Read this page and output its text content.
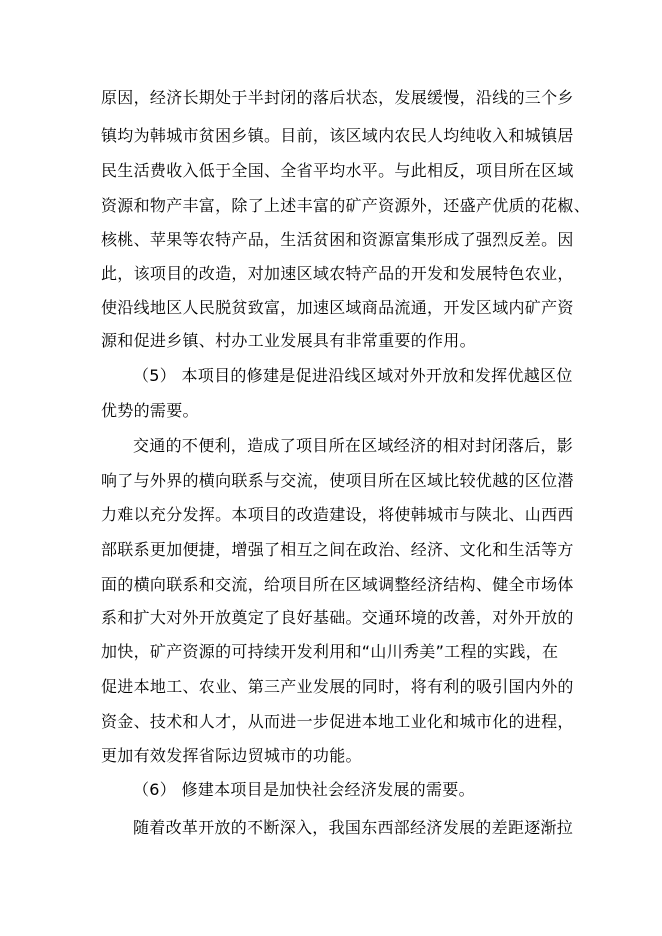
原因，经济长期处于半封闭的落后状态，发展缓慢，沿线的三个乡
镇均为韩城市贫困乡镇。目前，该区域内农民人均纯收入和城镇居
民生活费收入低于全国、全省平均水平。与此相反，项目所在区域
资源和物产丰富，除了上述丰富的矿产资源外，还盛产优质的花椒、
核桃、苹果等农特产品，生活贫困和资源富集形成了强烈反差。因
此，该项目的改造，对加速区域农特产品的开发和发展特色农业，
使沿线地区人民脱贫致富，加速区域商品流通，开发区域内矿产资
源和促进乡镇、村办工业发展具有非常重要的作用。
（5） 本项目的修建是促进沿线区域对外开放和发挥优越区位
优势的需要。
交通的不便利，造成了项目所在区域经济的相对封闭落后，影
响了与外界的横向联系与交流，使项目所在区域比较优越的区位潜
力难以充分发挥。本项目的改造建设，将使韩城市与陕北、山西西
部联系更加便捷，增强了相互之间在政治、经济、文化和生活等方
面的横向联系和交流，给项目所在区域调整经济结构、健全市场体
系和扩大对外开放奠定了良好基础。交通环境的改善，对外开放的
加快，矿产资源的可持续开发利用和“山川秀美”工程的实践，在
促进本地工、农业、第三产业发展的同时，将有利的吸引国内外的
资金、技术和人才，从而进一步促进本地工业化和城市化的进程，
更加有效发挥省际边贸城市的功能。
（6） 修建本项目是加快社会经济发展的需要。
随着改革开放的不断深入，我国东西部经济发展的差距逐渐拉
